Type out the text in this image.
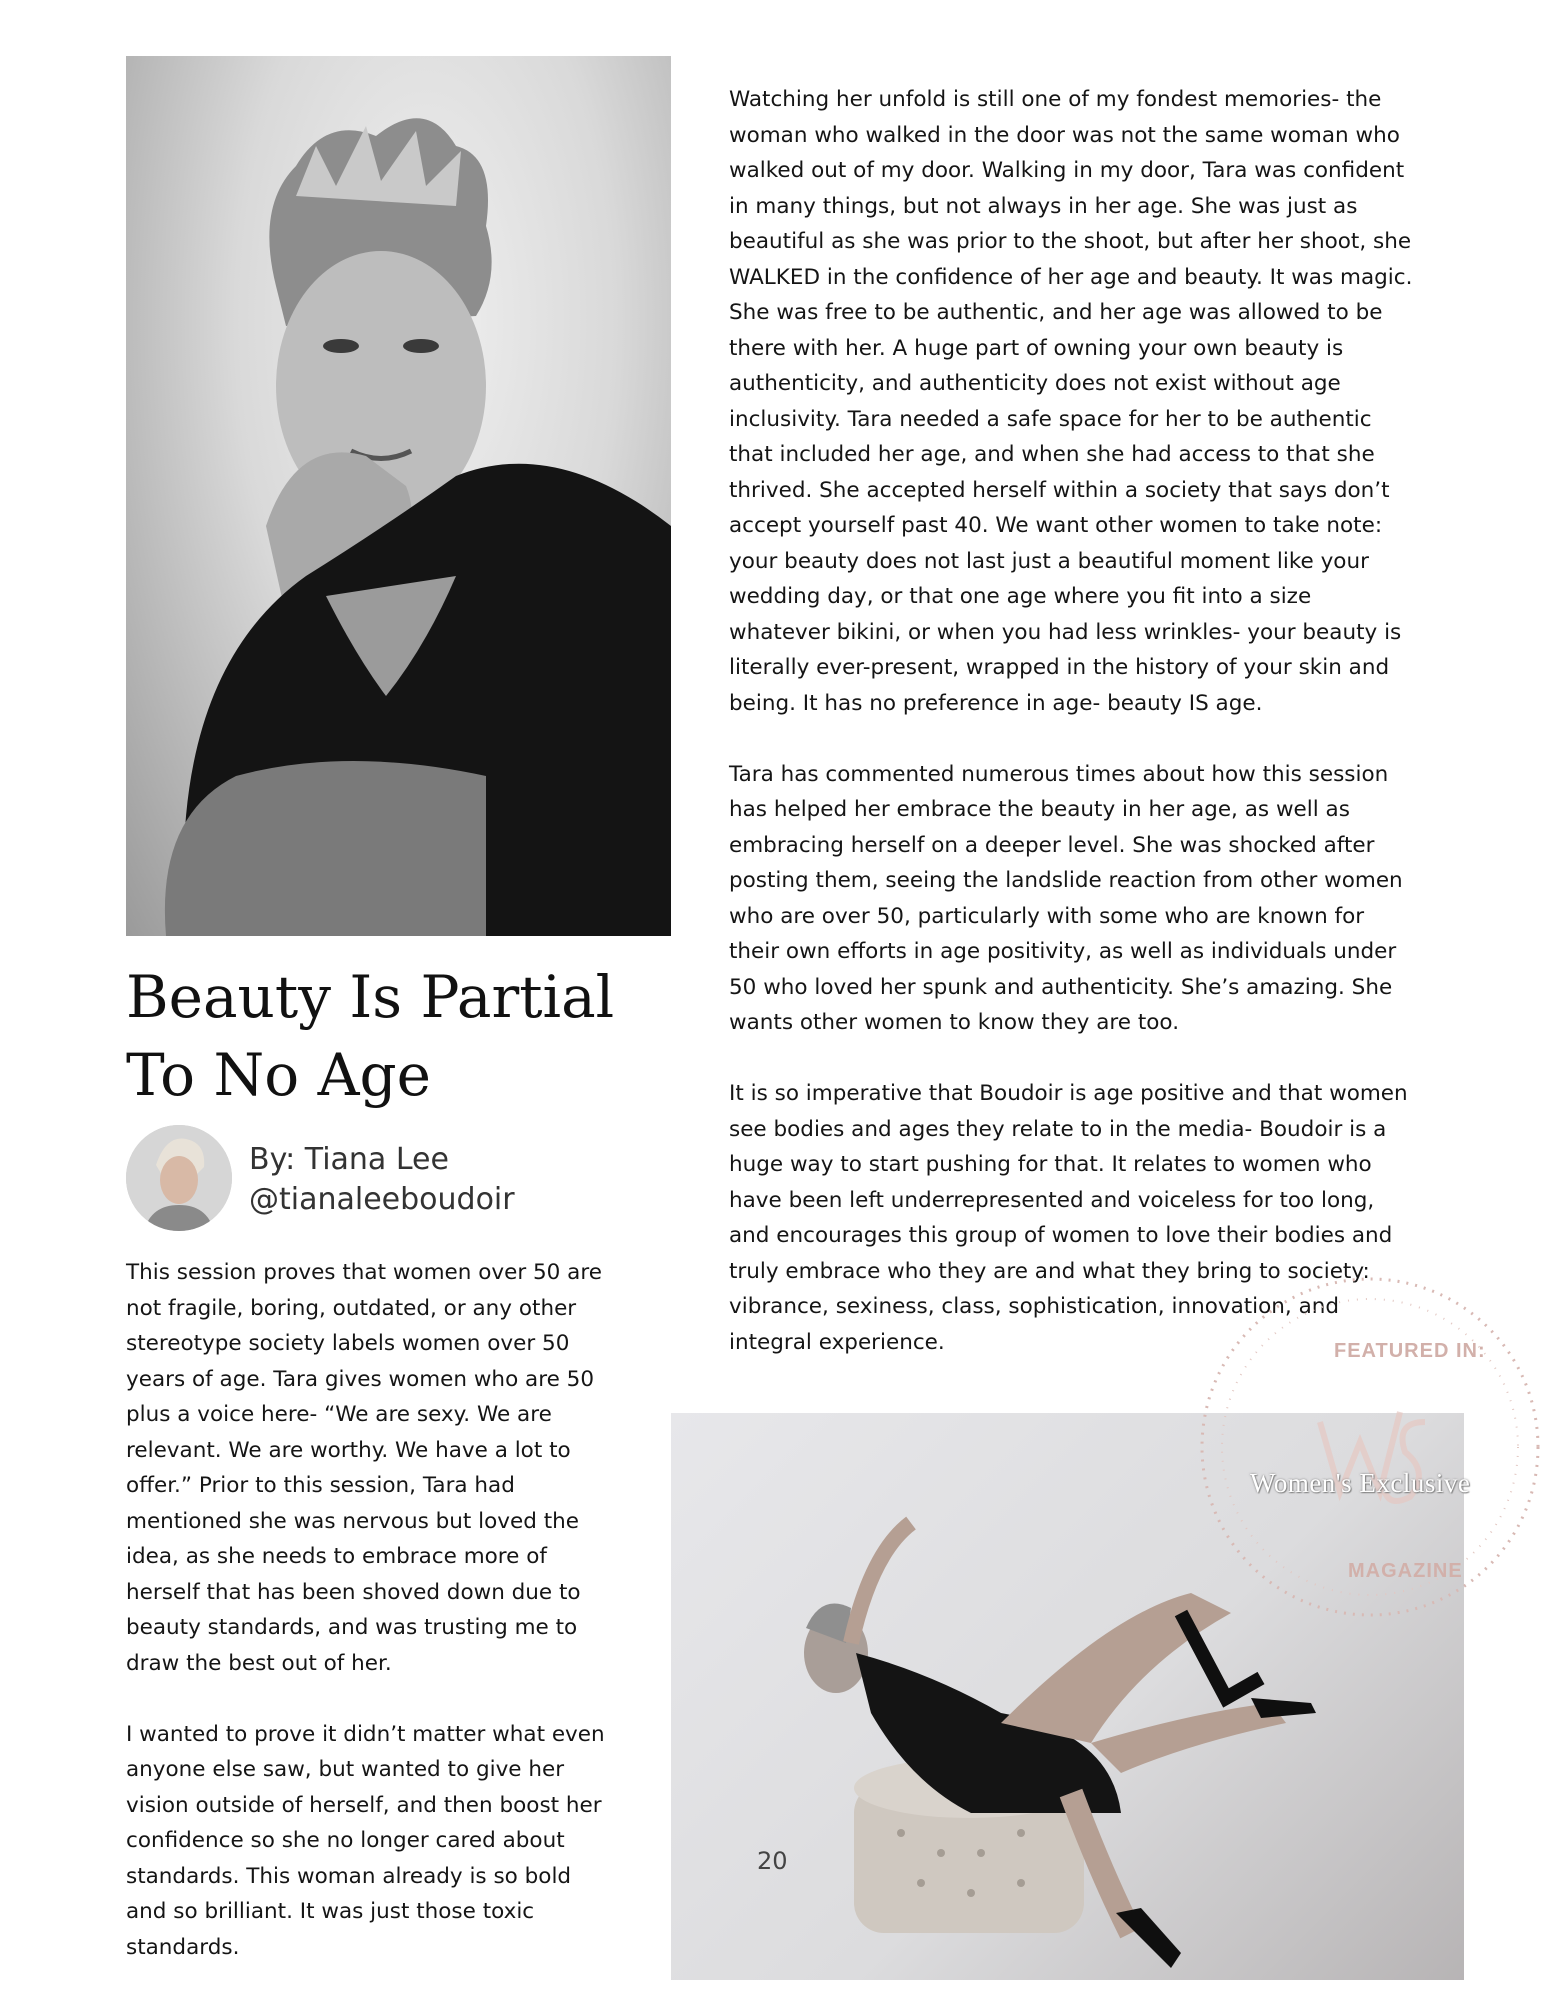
Beauty Is Partial
To No Age
By: Tiana Lee
@tianaleeboudoir

This session proves that women over 50 are not fragile, boring, outdated, or any other stereotype society labels women over 50 years of age. Tara gives women who are 50 plus a voice here- “We are sexy. We are relevant. We are worthy. We have a lot to offer.” Prior to this session, Tara had mentioned she was nervous but loved the idea, as she needs to embrace more of herself that has been shoved down due to beauty standards, and was trusting me to draw the best out of her.

I wanted to prove it didn’t matter what even anyone else saw, but wanted to give her vision outside of herself, and then boost her confidence so she no longer cared about standards. This woman already is so bold and so brilliant. It was just those toxic standards.

Watching her unfold is still one of my fondest memories- the woman who walked in the door was not the same woman who walked out of my door. Walking in my door, Tara was confident in many things, but not always in her age. She was just as beautiful as she was prior to the shoot, but after her shoot, she WALKED in the confidence of her age and beauty. It was magic. She was free to be authentic, and her age was allowed to be there with her. A huge part of owning your own beauty is authenticity, and authenticity does not exist without age inclusivity. Tara needed a safe space for her to be authentic that included her age, and when she had access to that she thrived. She accepted herself within a society that says don’t accept yourself past 40. We want other women to take note: your beauty does not last just a beautiful moment like your wedding day, or that one age where you fit into a size whatever bikini, or when you had less wrinkles- your beauty is literally ever-present, wrapped in the history of your skin and being. It has no preference in age- beauty IS age.

Tara has commented numerous times about how this session has helped her embrace the beauty in her age, as well as embracing herself on a deeper level. She was shocked after posting them, seeing the landslide reaction from other women who are over 50, particularly with some who are known for their own efforts in age positivity, as well as individuals under 50 who loved her spunk and authenticity. She’s amazing. She wants other women to know they are too.

It is so imperative that Boudoir is age positive and that women see bodies and ages they relate to in the media- Boudoir is a huge way to start pushing for that. It relates to women who have been left underrepresented and voiceless for too long, and encourages this group of women to love their bodies and truly embrace who they are and what they bring to society: vibrance, sexiness, class, sophistication, innovation, and integral experience.

20
FEATURED IN:
Women's Exclusive
MAGAZINE
